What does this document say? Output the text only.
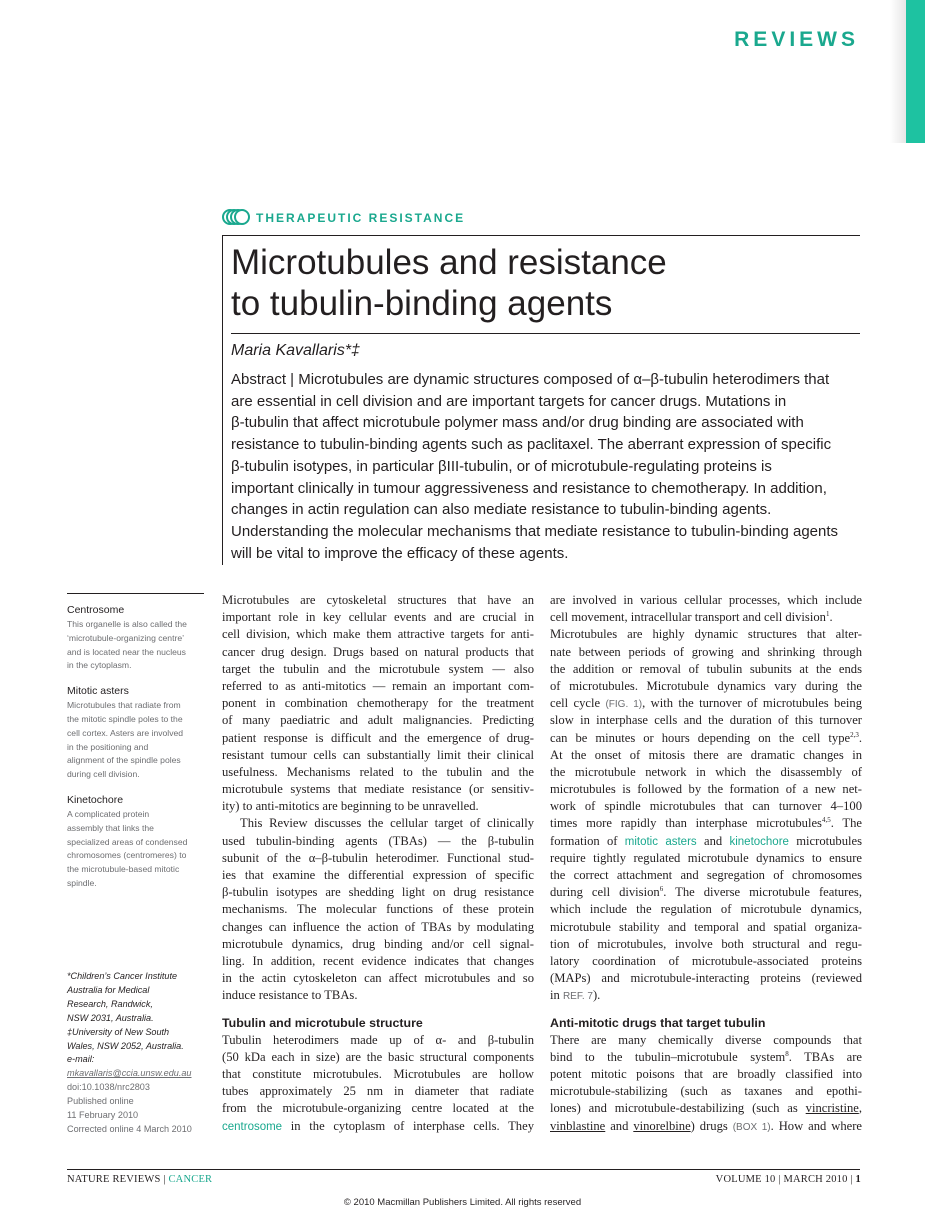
REVIEWS
THERAPEUTIC RESISTANCE
Microtubules and resistance
to tubulin-binding agents
Maria Kavallaris*‡
Abstract | Microtubules are dynamic structures composed of α–β-tubulin heterodimers that
are essential in cell division and are important targets for cancer drugs. Mutations in
β-tubulin that affect microtubule polymer mass and/or drug binding are associated with
resistance to tubulin-binding agents such as paclitaxel. The aberrant expression of specific
β-tubulin isotypes, in particular βIII-tubulin, or of microtubule-regulating proteins is
important clinically in tumour aggressiveness and resistance to chemotherapy. In addition,
changes in actin regulation can also mediate resistance to tubulin-binding agents.
Understanding the molecular mechanisms that mediate resistance to tubulin-binding agents
will be vital to improve the efficacy of these agents.
Centrosome
This organelle is also called the
‘microtubule-organizing centre’
and is located near the nucleus
in the cytoplasm.
Mitotic asters
Microtubules that radiate from
the mitotic spindle poles to the
cell cortex. Asters are involved
in the positioning and
alignment of the spindle poles
during cell division.
Kinetochore
A complicated protein
assembly that links the
specialized areas of condensed
chromosomes (centromeres) to
the microtubule-based mitotic
spindle.
*Children’s Cancer Institute
Australia for Medical
Research, Randwick,
NSW 2031, Australia.
‡University of New South
Wales, NSW 2052, Australia.
e-mail:
mkavallaris@ccia.unsw.edu.au
doi:10.1038/nrc2803
Published online
11 February 2010
Corrected online 4 March 2010
Microtubules are cytoskeletal structures that have an
important role in key cellular events and are crucial in
cell division, which make them attractive targets for anti-
cancer drug design. Drugs based on natural products that
target the tubulin and the microtubule system — also
referred to as anti-mitotics — remain an important com-
ponent in combination chemotherapy for the treatment
of many paediatric and adult malignancies. Predicting
patient response is difficult and the emergence of drug-
resistant tumour cells can substantially limit their clinical
usefulness. Mechanisms related to the tubulin and the
microtubule systems that mediate resistance (or sensitiv-
ity) to anti-mitotics are beginning to be unravelled.
This Review discusses the cellular target of clinically
used tubulin-binding agents (TBAs) — the β-tubulin
subunit of the α–β-tubulin heterodimer. Functional stud-
ies that examine the differential expression of specific
β-tubulin isotypes are shedding light on drug resistance
mechanisms. The molecular functions of these protein
changes can influence the action of TBAs by modulating
microtubule dynamics, drug binding and/or cell signal-
ling. In addition, recent evidence indicates that changes
in the actin cytoskeleton can affect microtubules and so
induce resistance to TBAs.
Tubulin and microtubule structure
Tubulin heterodimers made up of α- and β-tubulin
(50 kDa each in size) are the basic structural components
that constitute microtubules. Microtubules are hollow
tubes approximately 25 nm in diameter that radiate
from the microtubule-organizing centre located at the
centrosome in the cytoplasm of interphase cells. They
are involved in various cellular processes, which include
cell movement, intracellular transport and cell division$^1$.
Microtubules are highly dynamic structures that alter-
nate between periods of growing and shrinking through
the addition or removal of tubulin subunits at the ends
of microtubules. Microtubule dynamics vary during the
cell cycle (FIG. 1), with the turnover of microtubules being
slow in interphase cells and the duration of this turnover
can be minutes or hours depending on the cell type$^{2,3}$.
At the onset of mitosis there are dramatic changes in
the microtubule network in which the disassembly of
microtubules is followed by the formation of a new net-
work of spindle microtubules that can turnover 4–100
times more rapidly than interphase microtubules$^{4,5}$. The
formation of mitotic asters and kinetochore microtubules
require tightly regulated microtubule dynamics to ensure
the correct attachment and segregation of chromosomes
during cell division$^6$. The diverse microtubule features,
which include the regulation of microtubule dynamics,
microtubule stability and temporal and spatial organiza-
tion of microtubules, involve both structural and regu-
latory coordination of microtubule-associated proteins
(MAPs) and microtubule-interacting proteins (reviewed
in REF. 7).
Anti-mitotic drugs that target tubulin
There are many chemically diverse compounds that
bind to the tubulin–microtubule system$^8$. TBAs are
potent mitotic poisons that are broadly classified into
microtubule-stabilizing (such as taxanes and epothi-
lones) and microtubule-destabilizing (such as vincristine,
vinblastine and vinorelbine) drugs (BOX 1). How and where
NATURE REVIEWS | CANCER	VOLUME 10 | MARCH 2010 | 1
© 2010 Macmillan Publishers Limited. All rights reserved
